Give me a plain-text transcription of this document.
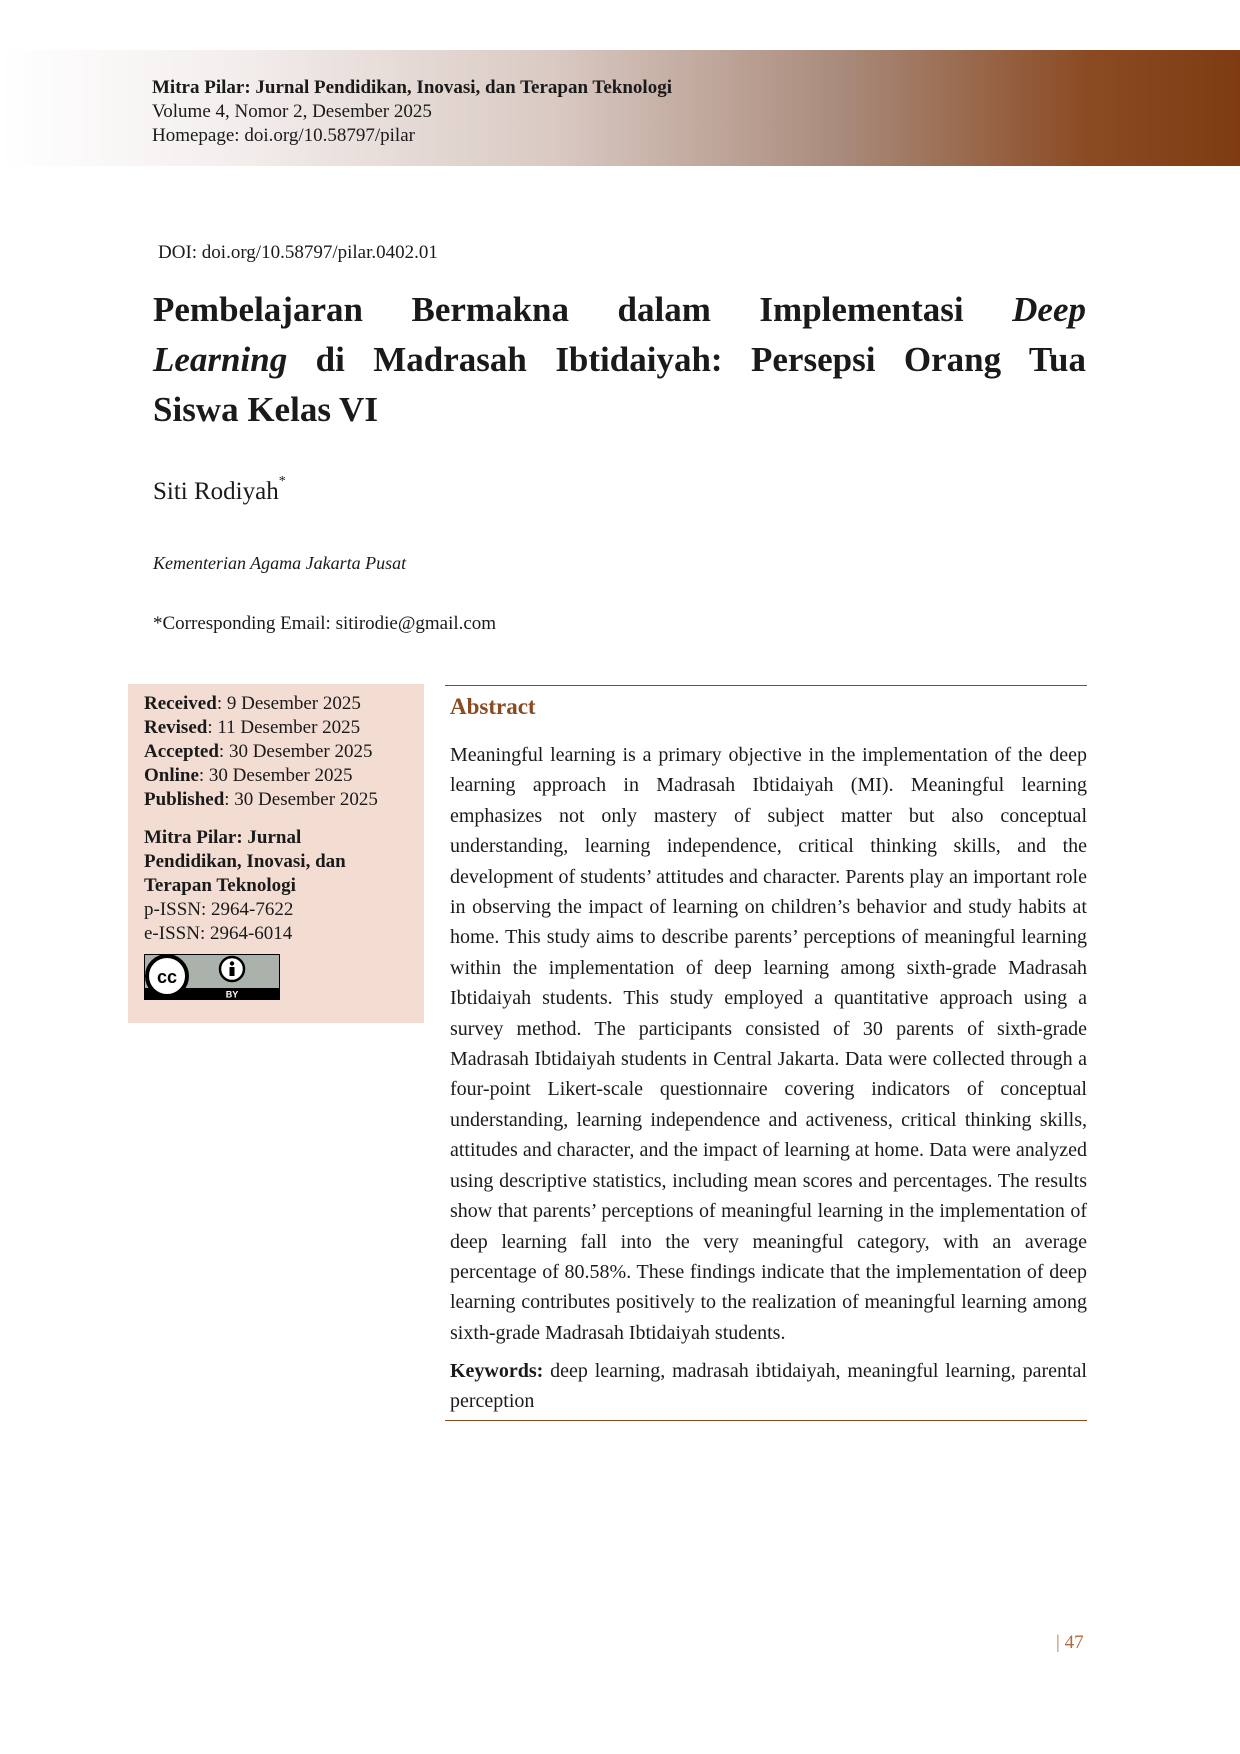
Mitra Pilar: Jurnal Pendidikan, Inovasi, dan Terapan Teknologi
Volume 4, Nomor 2, Desember 2025
Homepage: doi.org/10.58797/pilar
DOI: doi.org/10.58797/pilar.0402.01
Pembelajaran Bermakna dalam Implementasi Deep
Learning di Madrasah Ibtidaiyah: Persepsi Orang Tua
Siswa Kelas VI
Siti Rodiyah*
Kementerian Agama Jakarta Pusat
*Corresponding Email: sitirodie@gmail.com
Received: 9 Desember 2025
Revised: 11 Desember 2025
Accepted: 30 Desember 2025
Online: 30 Desember 2025
Published: 30 Desember 2025
Mitra Pilar: Jurnal
Pendidikan, Inovasi, dan
Terapan Teknologi
p-ISSN: 2964-7622
e-ISSN: 2964-6014
cc
BY
Abstract

Meaningful learning is a primary objective in the implementation of the deep learning approach in Madrasah Ibtidaiyah (MI). Meaningful learning emphasizes not only mastery of subject matter but also conceptual understanding, learning independence, critical thinking skills, and the development of students’ attitudes and character. Parents play an important role in observing the impact of learning on children’s behavior and study habits at home. This study aims to describe parents’ perceptions of meaningful learning within the implementation of deep learning among sixth-grade Madrasah Ibtidaiyah students. This study employed a quantitative approach using a survey method. The participants consisted of 30 parents of sixth-grade Madrasah Ibtidaiyah students in Central Jakarta. Data were collected through a four-point Likert-scale questionnaire covering indicators of conceptual understanding, learning independence and activeness, critical thinking skills, attitudes and character, and the impact of learning at home. Data were analyzed using descriptive statistics, including mean scores and percentages. The results show that parents’ perceptions of meaningful learning in the implementation of deep learning fall into the very meaningful category, with an average percentage of 80.58%. These findings indicate that the implementation of deep learning contributes positively to the realization of meaningful learning among sixth-grade Madrasah Ibtidaiyah students.

Keywords: deep learning, madrasah ibtidaiyah, meaningful learning, parental perception

| 47
